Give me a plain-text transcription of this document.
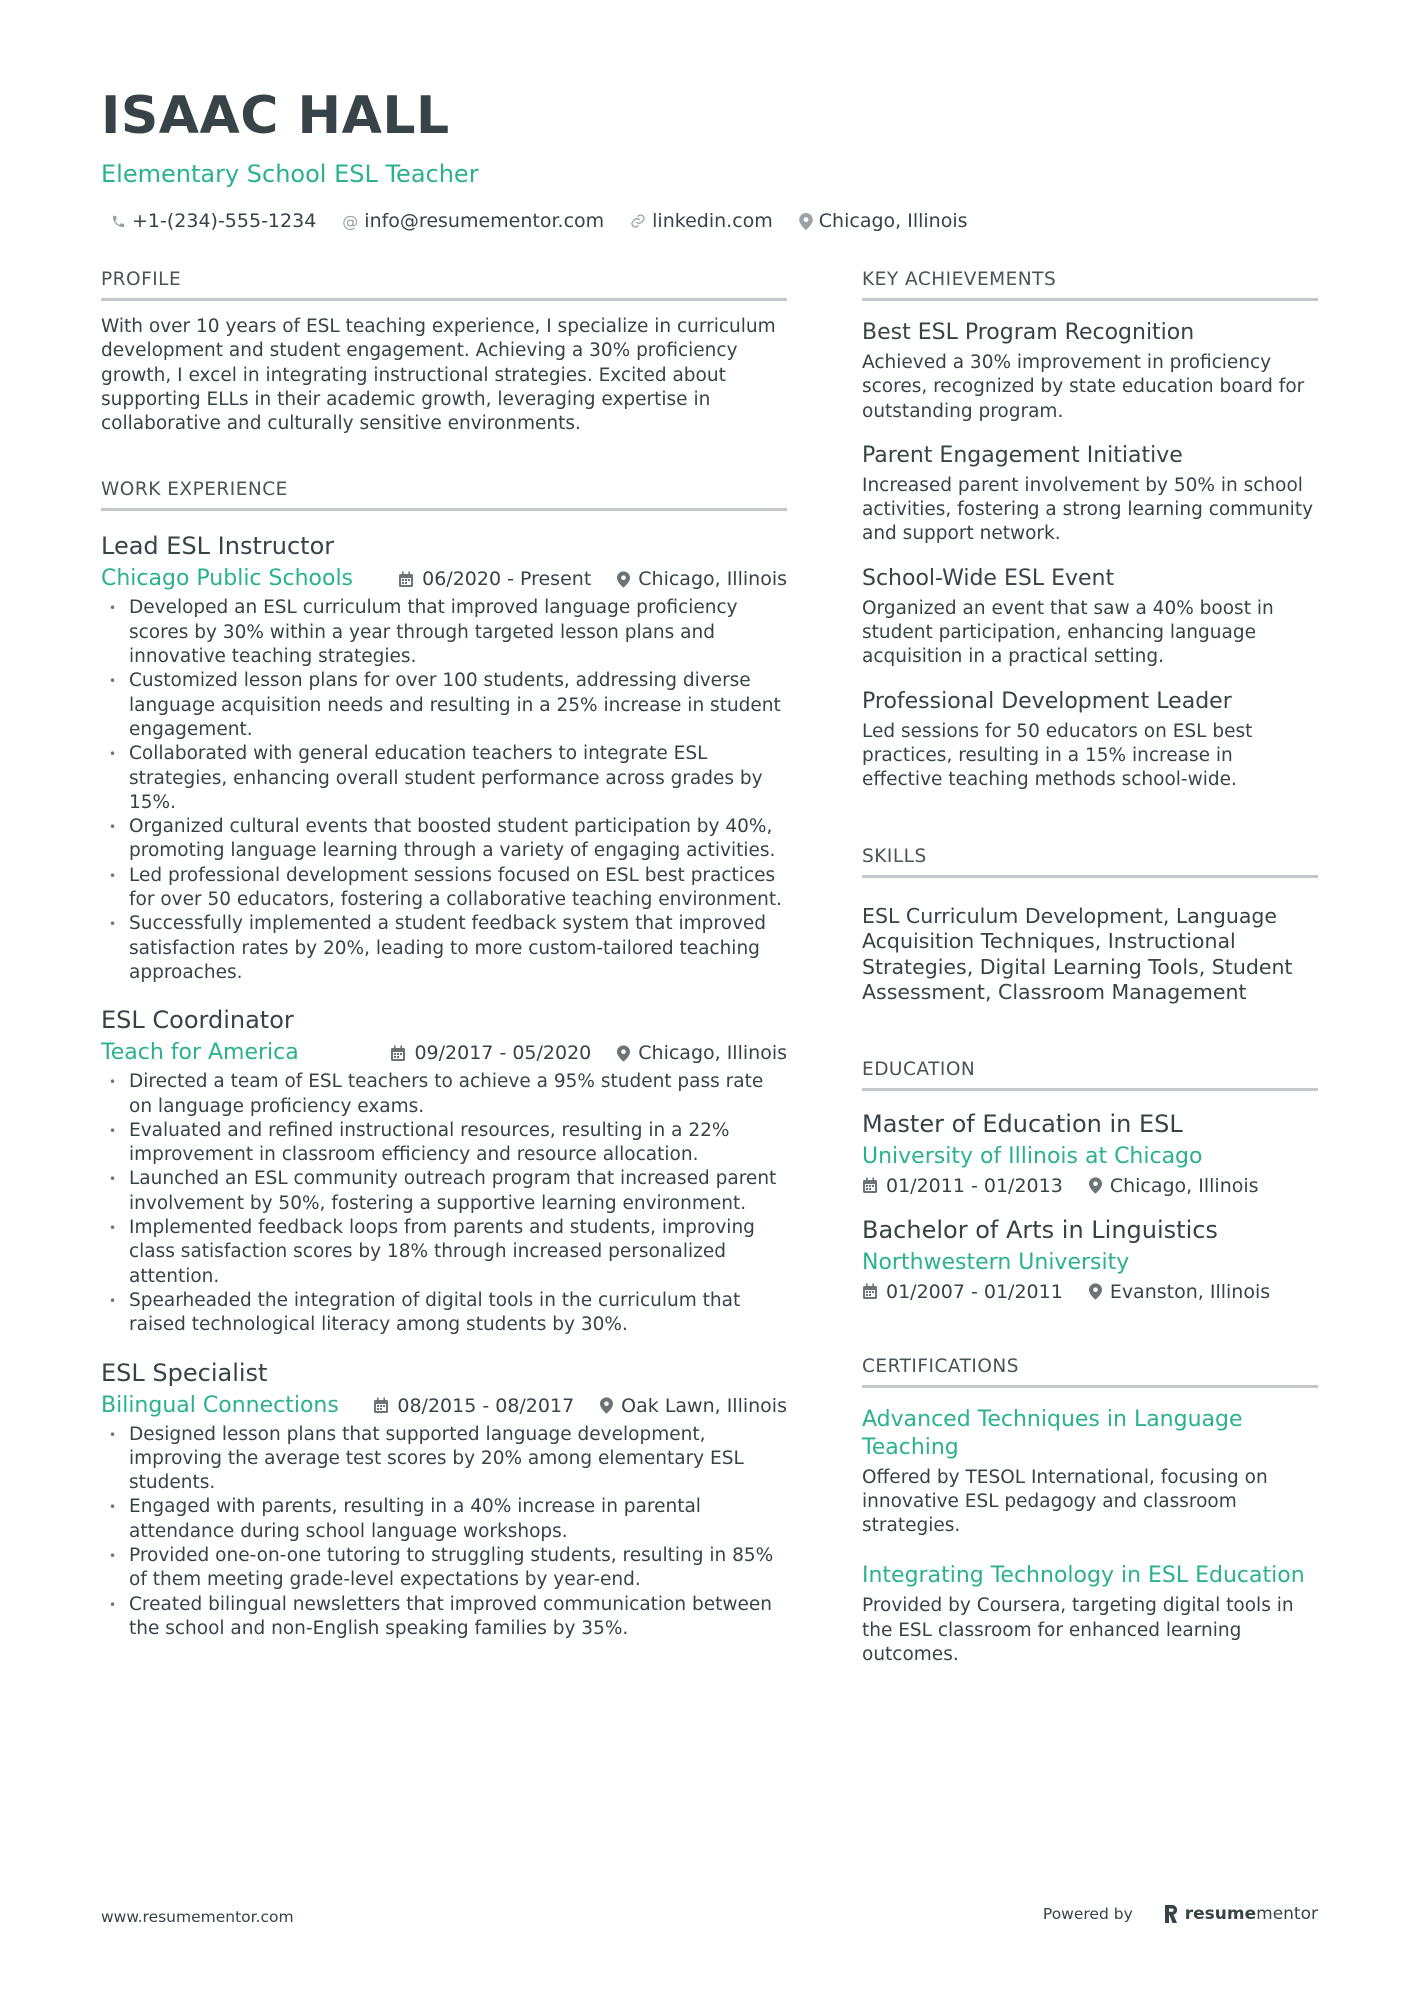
ISAAC HALL
Elementary School ESL Teacher
+1-(234)-555-1234 @ info@resumementor.com	linkedin.com Chicago, Illinois
PROFILE
With over 10 years of ESL teaching experience, I specialize in curriculum development and student engagement. Achieving a 30% proficiency growth, I excel in integrating instructional strategies. Excited about supporting ELLs in their academic growth, leveraging expertise in collaborative and culturally sensitive environments.
WORK EXPERIENCE
Lead ESL Instructor
Chicago Public Schools	06/2020 - Present Chicago, Illinois
• Developed an ESL curriculum that improved language proficiency scores by 30% within a year through targeted lesson plans and innovative teaching strategies.
• Customized lesson plans for over 100 students, addressing diverse language acquisition needs and resulting in a 25% increase in student engagement.
• Collaborated with general education teachers to integrate ESL strategies, enhancing overall student performance across grades by 15%.
• Organized cultural events that boosted student participation by 40%, promoting language learning through a variety of engaging activities.
• Led professional development sessions focused on ESL best practices for over 50 educators, fostering a collaborative teaching environment.
• Successfully implemented a student feedback system that improved satisfaction rates by 20%, leading to more custom-tailored teaching approaches.
ESL Coordinator
Teach for America	09/2017 - 05/2020 Chicago, Illinois
• Directed a team of ESL teachers to achieve a 95% student pass rate on language proficiency exams.
• Evaluated and refined instructional resources, resulting in a 22% improvement in classroom efficiency and resource allocation.
• Launched an ESL community outreach program that increased parent involvement by 50%, fostering a supportive learning environment.
• Implemented feedback loops from parents and students, improving class satisfaction scores by 18% through increased personalized attention.
• Spearheaded the integration of digital tools in the curriculum that raised technological literacy among students by 30%.
ESL Specialist
Bilingual Connections	08/2015 - 08/2017 Oak Lawn, Illinois
• Designed lesson plans that supported language development, improving the average test scores by 20% among elementary ESL students.
• Engaged with parents, resulting in a 40% increase in parental attendance during school language workshops.
• Provided one-on-one tutoring to struggling students, resulting in 85% of them meeting grade-level expectations by year-end.
• Created bilingual newsletters that improved communication between the school and non-English speaking families by 35%.
KEY ACHIEVEMENTS
Best ESL Program Recognition
Achieved a 30% improvement in proficiency scores, recognized by state education board for outstanding program.
Parent Engagement Initiative
Increased parent involvement by 50% in school activities, fostering a strong learning community and support network.
School-Wide ESL Event
Organized an event that saw a 40% boost in student participation, enhancing language acquisition in a practical setting.
Professional Development Leader
Led sessions for 50 educators on ESL best practices, resulting in a 15% increase in effective teaching methods school-wide.
SKILLS
ESL Curriculum Development, Language Acquisition Techniques, Instructional Strategies, Digital Learning Tools, Student Assessment, Classroom Management
EDUCATION
Master of Education in ESL
University of Illinois at Chicago
01/2011 - 01/2013 Chicago, Illinois
Bachelor of Arts in Linguistics
Northwestern University
01/2007 - 01/2011 Evanston, Illinois
CERTIFICATIONS
Advanced Techniques in Language Teaching
Offered by TESOL International, focusing on innovative ESL pedagogy and classroom strategies.
Integrating Technology in ESL Education
Provided by Coursera, targeting digital tools in the ESL classroom for enhanced learning outcomes.
www.resumementor.com	Powered by	resumementor
